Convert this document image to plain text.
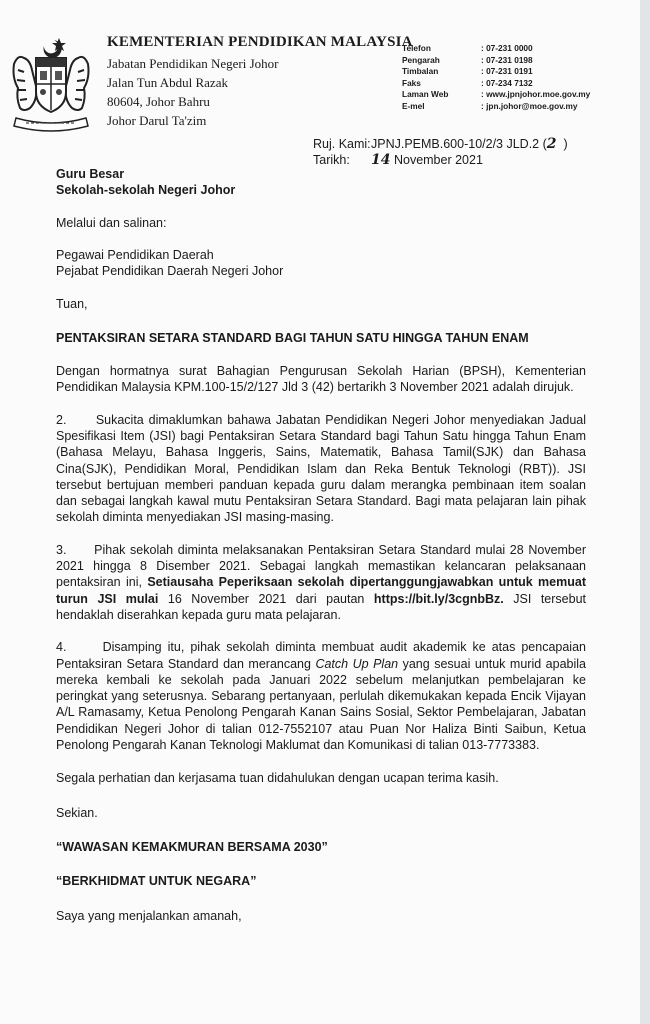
KEMENTERIAN PENDIDIKAN MALAYSIA
Jabatan Pendidikan Negeri Johor
Jalan Tun Abdul Razak
80604, Johor Bahru
Johor Darul Ta'zim
Telefon	: 07-231 0000
Pengarah	: 07-231 0198
Timbalan	: 07-231 0191
Faks	: 07-234 7132
Laman Web	: www.jpnjohor.moe.gov.my
E-mel	: jpn.johor@moe.gov.my
Ruj. Kami: JPNJ.PEMB.600-10/2/3 JLD.2 ( 2
)
Tarikh:	14
November 2021

Guru Besar

Sekolah-sekolah Negeri Johor

Melalui dan salinan:

Pegawai Pendidikan Daerah

Pejabat Pendidikan Daerah Negeri Johor

Tuan,

PENTAKSIRAN SETARA STANDARD BAGI TAHUN SATU HINGGA TAHUN ENAM

Dengan hormatnya surat Bahagian Pengurusan Sekolah Harian (BPSH), Kementerian Pendidikan Malaysia KPM.100-15/2/127 Jld 3 (42) bertarikh 3 November 2021 adalah dirujuk.

2.      Sukacita dimaklumkan bahawa Jabatan Pendidikan Negeri Johor menyediakan Jadual Spesifikasi Item (JSI) bagi Pentaksiran Setara Standard bagi Tahun Satu hingga Tahun Enam (Bahasa Melayu, Bahasa Inggeris, Sains, Matematik, Bahasa Tamil(SJK) dan Bahasa Cina(SJK), Pendidikan Moral, Pendidikan Islam dan Reka Bentuk Teknologi (RBT)). JSI tersebut bertujuan memberi panduan kepada guru dalam merangka pembinaan item soalan dan sebagai langkah kawal mutu Pentaksiran Setara Standard. Bagi mata pelajaran lain pihak sekolah diminta menyediakan JSI masing-masing.

3.      Pihak sekolah diminta melaksanakan Pentaksiran Setara Standard mulai 28 November 2021 hingga 8 Disember 2021. Sebagai langkah memastikan kelancaran pelaksanaan pentaksiran ini, Setiausaha Peperiksaan sekolah dipertanggungjawabkan untuk memuat turun JSI mulai 16 November 2021 dari pautan https://bit.ly/3cgnbBz. JSI tersebut hendaklah diserahkan kepada guru mata pelajaran.

4.      Disamping itu, pihak sekolah diminta membuat audit akademik ke atas pencapaian Pentaksiran Setara Standard dan merancang Catch Up Plan yang sesuai untuk murid apabila mereka kembali ke sekolah pada Januari 2022 sebelum melanjutkan pembelajaran ke peringkat yang seterusnya. Sebarang pertanyaan, perlulah dikemukakan kepada Encik Vijayan A/L Ramasamy, Ketua Penolong Pengarah Kanan Sains Sosial, Sektor Pembelajaran, Jabatan Pendidikan Negeri Johor di talian 012-7552107 atau Puan Nor Haliza Binti Saibun, Ketua Penolong Pengarah Kanan Teknologi Maklumat dan Komunikasi di talian 013-7773383.

Segala perhatian dan kerjasama tuan didahulukan dengan ucapan terima kasih.

Sekian.

“WAWASAN KEMAKMURAN BERSAMA 2030”

“BERKHIDMAT UNTUK NEGARA”

Saya yang menjalankan amanah,
